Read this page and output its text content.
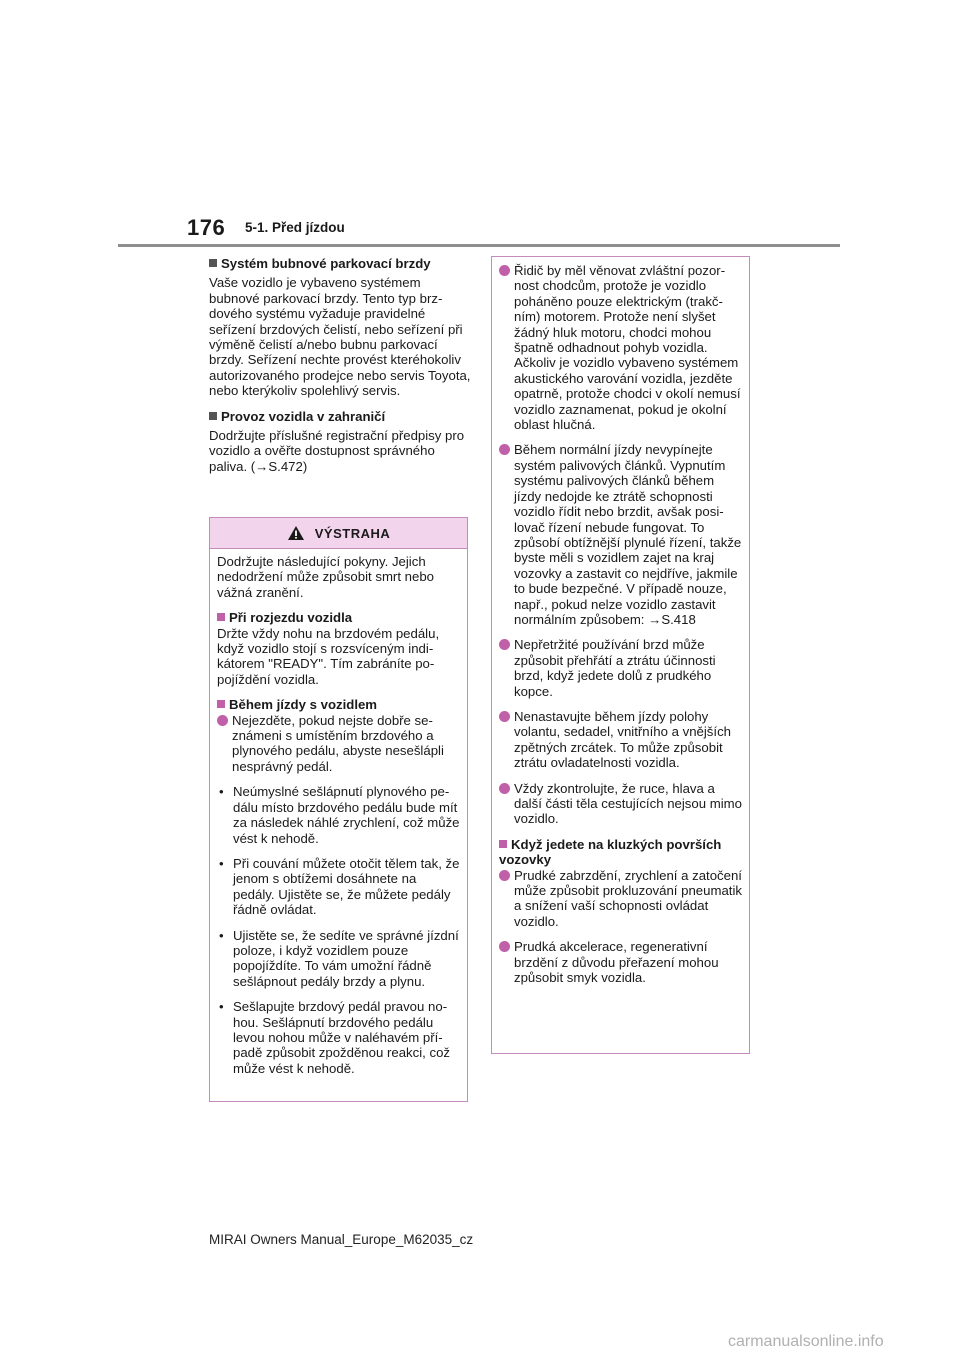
176 5-1. Před jízdou
Systém bubnové parkovací brzdy

Vaše vozidlo je vybaveno systémem bubnové parkovací brzdy. Tento typ brzdového systému vyžaduje pravidelné seřízení brzdových čelistí, nebo seřízení při výměně čelistí a/nebo bubnu parkovací brzdy. Seřízení nechte provést kteréhokoliv autorizovaného prodejce nebo servis Toyota, nebo kterýkoliv spolehlivý servis.

Provoz vozidla v zahraničí

Dodržujte příslušné registrační předpisy pro vozidlo a ověřte dostupnost správného paliva. (→S.472)

VÝSTRAHA

Dodržujte následující pokyny. Jejich nedodržení může způsobit smrt nebo vážná zranění.

Při rozjezdu vozidla

Držte vždy nohu na brzdovém pedálu, když vozidlo stojí s rozsvíceným indikátorem "READY". Tím zabráníte popojíždění vozidla.

Během jízdy s vozidlem
Nejezděte, pokud nejste dobře seznámeni s umístěním brzdového a plynového pedálu, abyste nesešlápli nesprávný pedál.
• Neúmyslné sešlápnutí plynového pedálu místo brzdového pedálu bude mít za následek náhlé zrychlení, což může vést k nehodě.
• Při couvání můžete otočit tělem tak, že jenom s obtížemi dosáhnete na pedály. Ujistěte se, že můžete pedály řádně ovládat.
• Ujistěte se, že sedíte ve správné jízdní poloze, i když vozidlem pouze popojíždíte. To vám umožní řádně sešlápnout pedály brzdy a plynu.
• Sešlapujte brzdový pedál pravou nohou. Sešlápnutí brzdového pedálu levou nohou může v naléhavém případě způsobit zpožděnou reakci, což může vést k nehodě.
Řidič by měl věnovat zvláštní pozornost chodcům, protože je vozidlo poháněno pouze elektrickým (trakčním) motorem. Protože není slyšet žádný hluk motoru, chodci mohou špatně odhadnout pohyb vozidla. Ačkoliv je vozidlo vybaveno systémem akustického varování vozidla, jezděte opatrně, protože chodci v okolí nemusí vozidlo zaznamenat, pokud je okolní oblast hlučná.
Během normální jízdy nevypínejte systém palivových článků. Vypnutím systému palivových článků během jízdy nedojde ke ztrátě schopnosti vozidlo řídit nebo brzdit, avšak posilovač řízení nebude fungovat. To způsobí obtížnější plynulé řízení, takže byste měli s vozidlem zajet na kraj vozovky a zastavit co nejdříve, jakmile to bude bezpečné. V případě nouze, např., pokud nelze vozidlo zastavit normálním způsobem: →S.418
Nepřetržité používání brzd může způsobit přehřátí a ztrátu účinnosti brzd, když jedete dolů z prudkého kopce.
Nenastavujte během jízdy polohy volantu, sedadel, vnitřního a vnějších zpětných zrcátek. To může způsobit ztrátu ovladatelnosti vozidla.
Vždy zkontrolujte, že ruce, hlava a další části těla cestujících nejsou mimo vozidlo.
Když jedete na kluzkých površích vozovky
Prudké zabrzdění, zrychlení a zatočení může způsobit prokluzování pneumatik a snížení vaší schopnosti ovládat vozidlo.
Prudká akcelerace, regenerativní brzdění z důvodu přeřazení mohou způsobit smyk vozidla.
MIRAI Owners Manual_Europe_M62035_cz
carmanualsonline.info
